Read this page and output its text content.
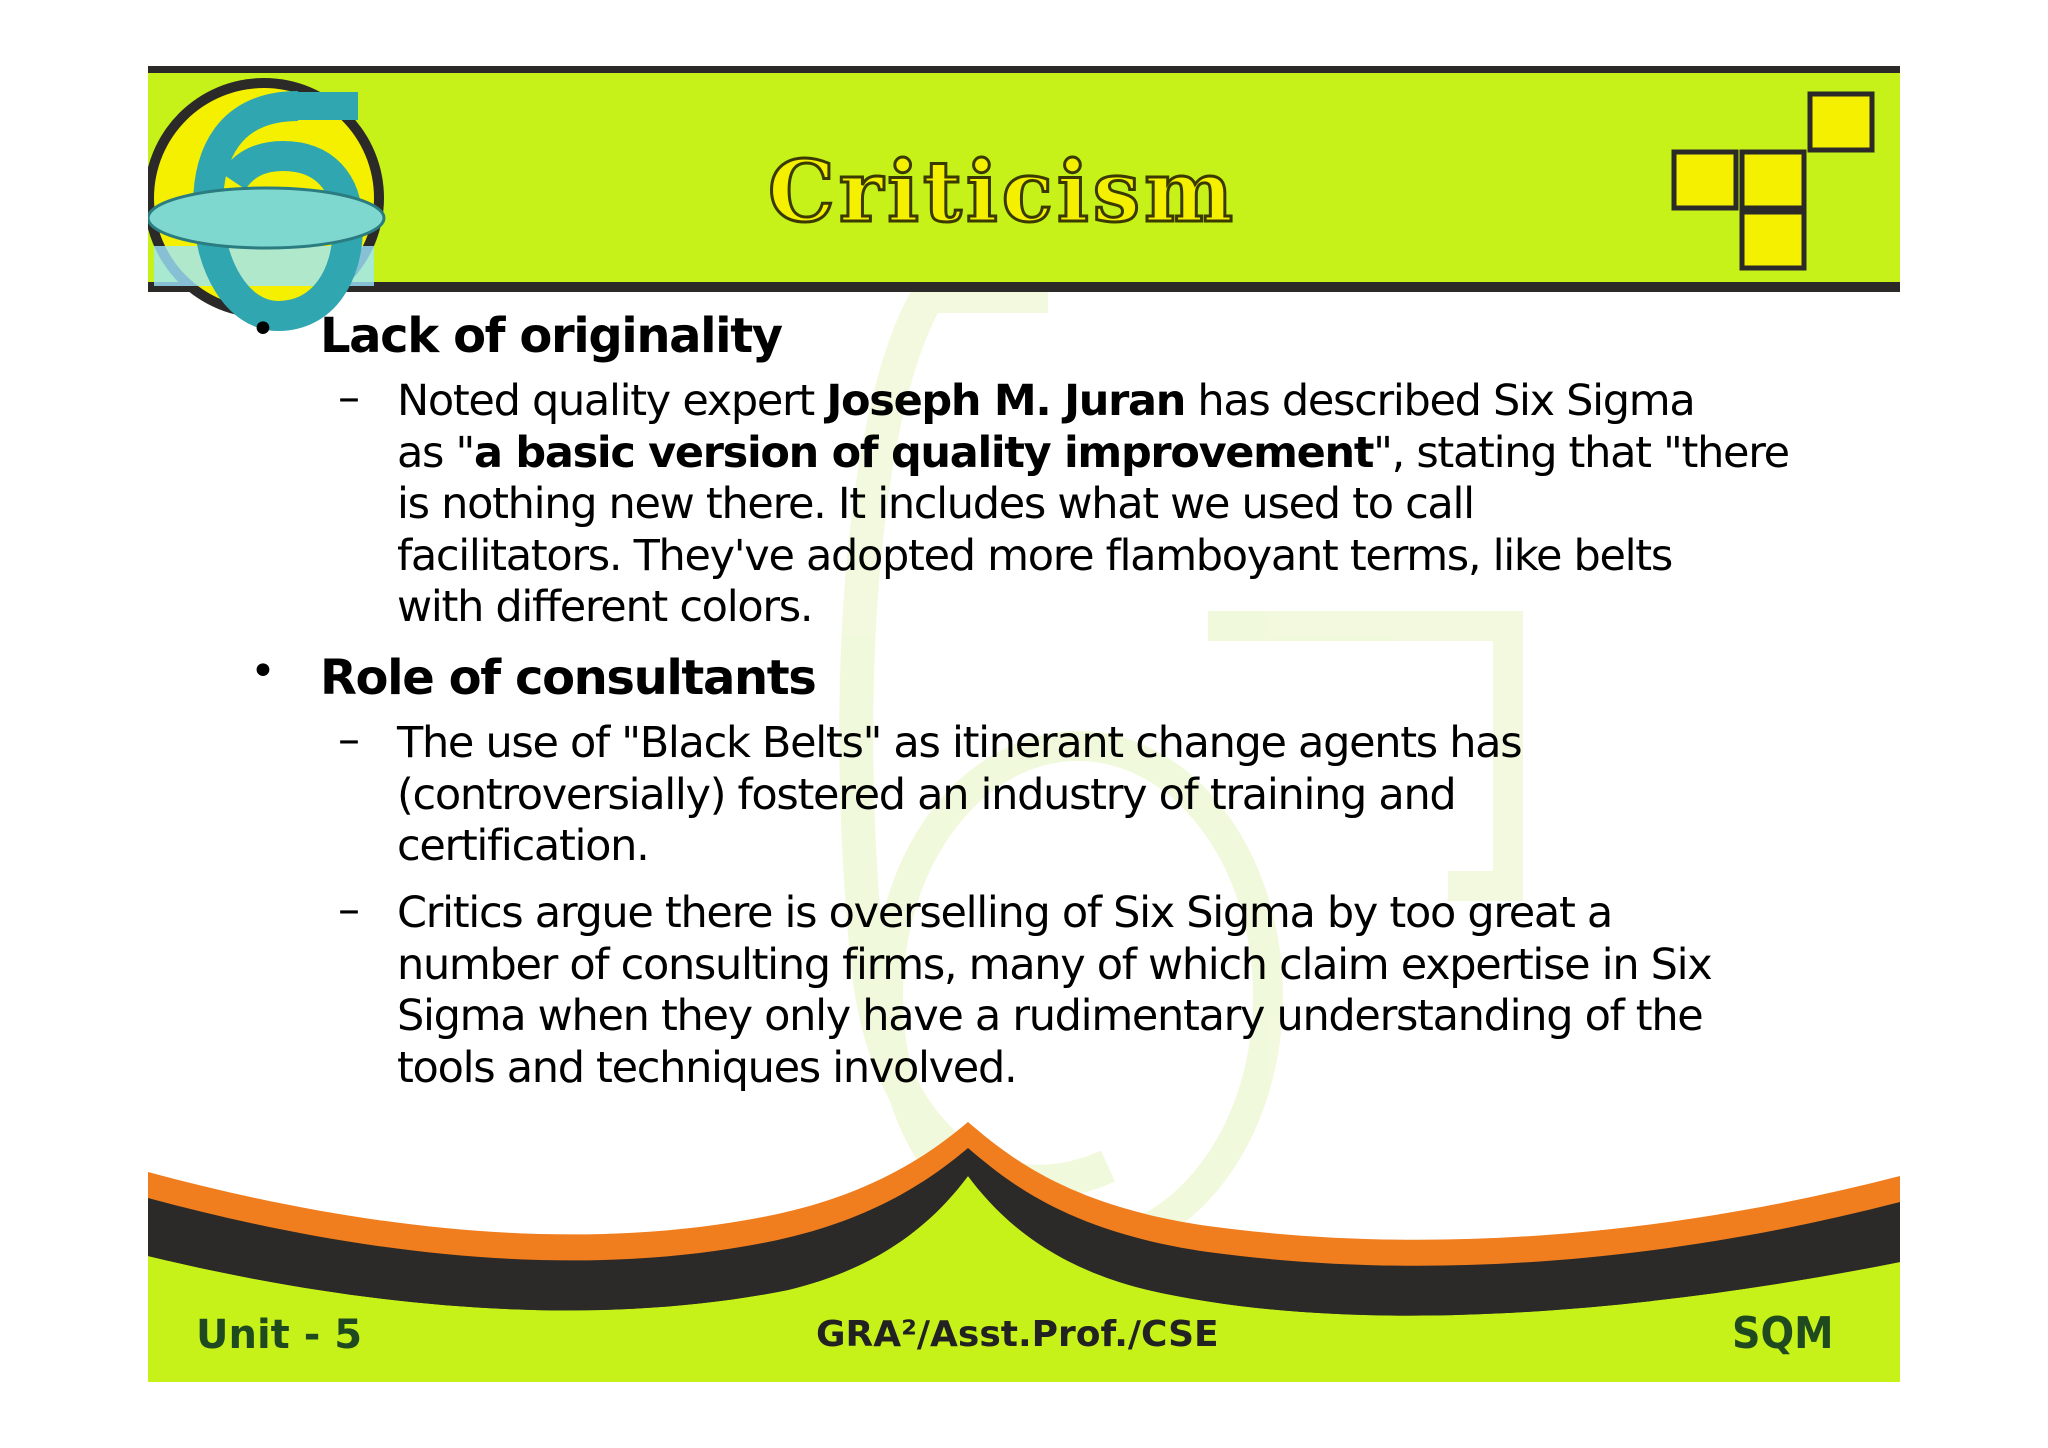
Criticism
• Lack of originality
– Noted quality expert Joseph M. Juran has described Six Sigma
as "a basic version of quality improvement", stating that "there
is nothing new there. It includes what we used to call
facilitators. They've adopted more flamboyant terms, like belts
with different colors.
• Role of consultants
– The use of "Black Belts" as itinerant change agents has
(controversially) fostered an industry of training and
certification.
– Critics argue there is overselling of Six Sigma by too great a
number of consulting firms, many of which claim expertise in Six
Sigma when they only have a rudimentary understanding of the
tools and techniques involved.
Unit - 5	GRA²/Asst.Prof./CSE	SQM
